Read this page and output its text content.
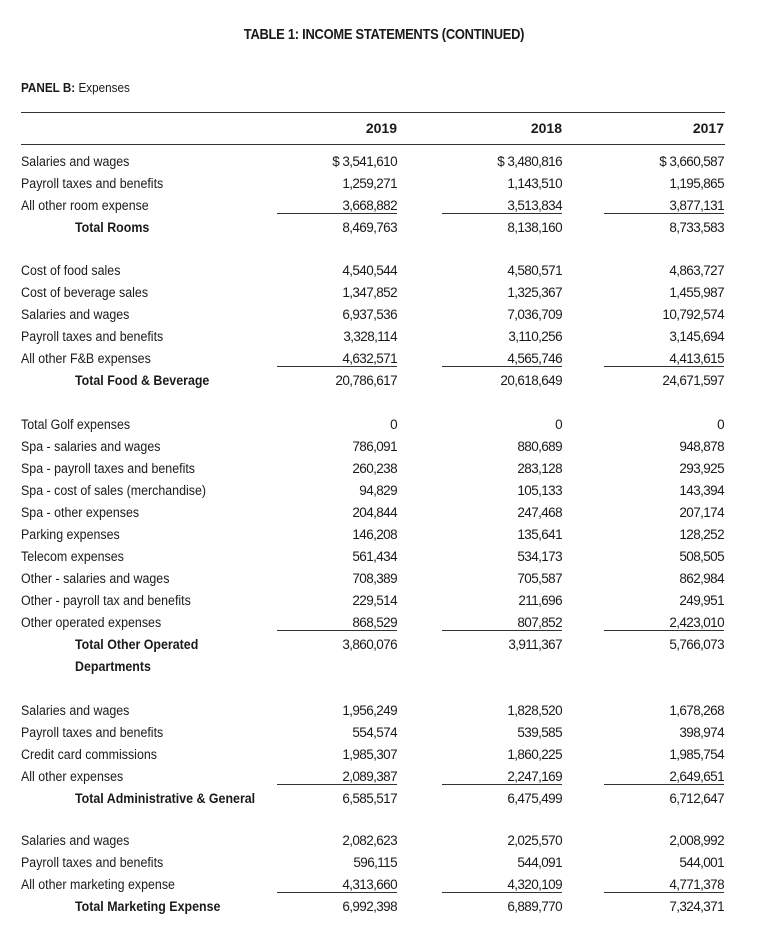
TABLE 1: INCOME STATEMENTS (CONTINUED)
PANEL B: Expenses
2019	2018	2017
Salaries and wages	$ 3,541,610	$ 3,480,816	$ 3,660,587
Payroll taxes and benefits	1,259,271	1,143,510	1,195,865
All other room expense	3,668,882	3,513,834	3,877,131
Total Rooms	8,469,763	8,138,160	8,733,583
Cost of food sales	4,540,544	4,580,571	4,863,727
Cost of beverage sales	1,347,852	1,325,367	1,455,987
Salaries and wages	6,937,536	7,036,709	10,792,574
Payroll taxes and benefits	3,328,114	3,110,256	3,145,694
All other F&B expenses	4,632,571	4,565,746	4,413,615
Total Food & Beverage	20,786,617	20,618,649	24,671,597
Total Golf expenses	0	0	0
Spa - salaries and wages	786,091	880,689	948,878
Spa - payroll taxes and benefits	260,238	283,128	293,925
Spa - cost of sales (merchandise)	94,829	105,133	143,394
Spa - other expenses	204,844	247,468	207,174
Parking expenses	146,208	135,641	128,252
Telecom expenses	561,434	534,173	508,505
Other - salaries and wages	708,389	705,587	862,984
Other - payroll tax and benefits	229,514	211,696	249,951
Other operated expenses	868,529	807,852	2,423,010
Total Other Operated	3,860,076	3,911,367	5,766,073
Departments
Salaries and wages	1,956,249	1,828,520	1,678,268
Payroll taxes and benefits	554,574	539,585	398,974
Credit card commissions	1,985,307	1,860,225	1,985,754
All other expenses	2,089,387	2,247,169	2,649,651
Total Administrative & General	6,585,517	6,475,499	6,712,647
Salaries and wages	2,082,623	2,025,570	2,008,992
Payroll taxes and benefits	596,115	544,091	544,001
All other marketing expense	4,313,660	4,320,109	4,771,378
Total Marketing Expense	6,992,398	6,889,770	7,324,371
